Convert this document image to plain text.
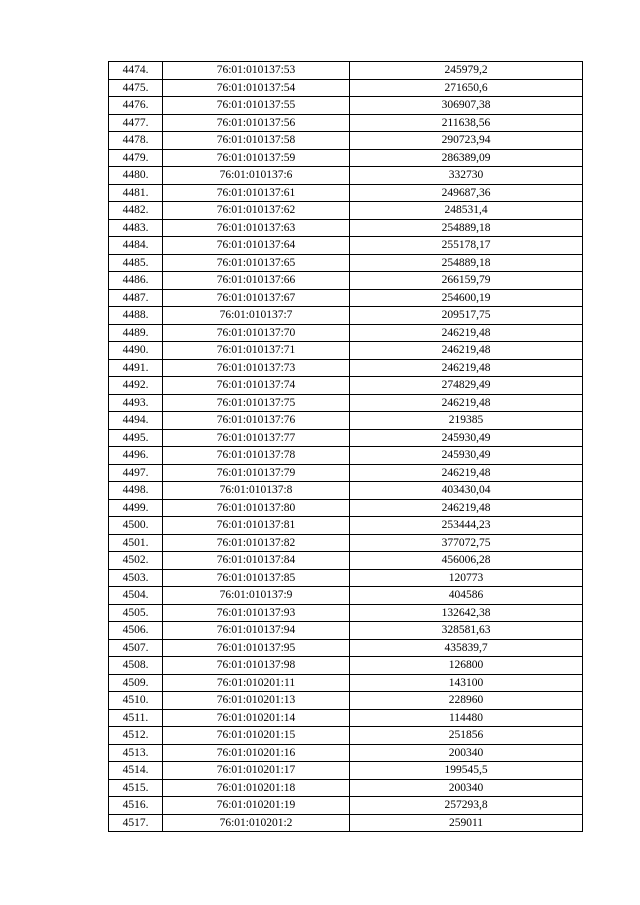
4474.	76:01:010137:53	245979,2
4475.	76:01:010137:54	271650,6
4476.	76:01:010137:55	306907,38
4477.	76:01:010137:56	211638,56
4478.	76:01:010137:58	290723,94
4479.	76:01:010137:59	286389,09
4480.	76:01:010137:6	332730
4481.	76:01:010137:61	249687,36
4482.	76:01:010137:62	248531,4
4483.	76:01:010137:63	254889,18
4484.	76:01:010137:64	255178,17
4485.	76:01:010137:65	254889,18
4486.	76:01:010137:66	266159,79
4487.	76:01:010137:67	254600,19
4488.	76:01:010137:7	209517,75
4489.	76:01:010137:70	246219,48
4490.	76:01:010137:71	246219,48
4491.	76:01:010137:73	246219,48
4492.	76:01:010137:74	274829,49
4493.	76:01:010137:75	246219,48
4494.	76:01:010137:76	219385
4495.	76:01:010137:77	245930,49
4496.	76:01:010137:78	245930,49
4497.	76:01:010137:79	246219,48
4498.	76:01:010137:8	403430,04
4499.	76:01:010137:80	246219,48
4500.	76:01:010137:81	253444,23
4501.	76:01:010137:82	377072,75
4502.	76:01:010137:84	456006,28
4503.	76:01:010137:85	120773
4504.	76:01:010137:9	404586
4505.	76:01:010137:93	132642,38
4506.	76:01:010137:94	328581,63
4507.	76:01:010137:95	435839,7
4508.	76:01:010137:98	126800
4509.	76:01:010201:11	143100
4510.	76:01:010201:13	228960
4511.	76:01:010201:14	114480
4512.	76:01:010201:15	251856
4513.	76:01:010201:16	200340
4514.	76:01:010201:17	199545,5
4515.	76:01:010201:18	200340
4516.	76:01:010201:19	257293,8
4517.	76:01:010201:2	259011
